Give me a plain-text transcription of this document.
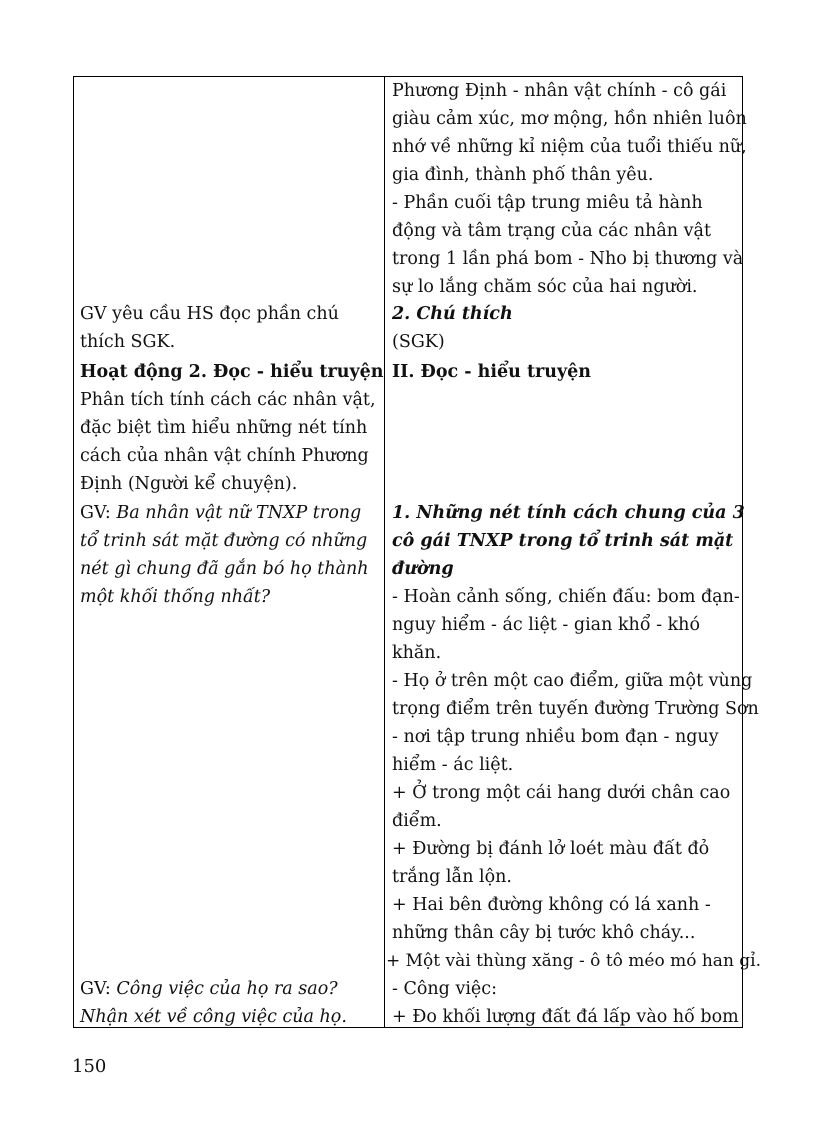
GV yêu cầu HS đọc phần chú
thích SGK.
Hoạt động 2. Đọc - hiểu truyện
Phân tích tính cách các nhân vật,
đặc biệt tìm hiểu những nét tính
cách của nhân vật chính Phương
Định (Người kể chuyện).
GV: Ba nhân vật nữ TNXP trong
tổ trinh sát mặt đường có những
nét gì chung đã gắn bó họ thành
một khối thống nhất?
GV: Công việc của họ ra sao?
Nhận xét về công việc của họ.
Phương Định - nhân vật chính - cô gái
giàu cảm xúc, mơ mộng, hồn nhiên luôn
nhớ về những kỉ niệm của tuổi thiếu nữ,
gia đình, thành phố thân yêu.
- Phần cuối tập trung miêu tả hành
động và tâm trạng của các nhân vật
trong 1 lần phá bom - Nho bị thương và
sự lo lắng chăm sóc của hai người.
2. Chú thích
(SGK)
II. Đọc - hiểu truyện
1. Những nét tính cách chung của 3
cô gái TNXP trong tổ trinh sát mặt
đường
- Hoàn cảnh sống, chiến đấu: bom đạn-
nguy hiểm - ác liệt - gian khổ - khó
khăn.
- Họ ở trên một cao điểm, giữa một vùng
trọng điểm trên tuyến đường Trường Sơn
- nơi tập trung nhiều bom đạn - nguy
hiểm - ác liệt.
+ Ở trong một cái hang dưới chân cao
điểm.
+ Đường bị đánh lở loét màu đất đỏ
trắng lẫn lộn.
+ Hai bên đường không có lá xanh -
những thân cây bị tước khô cháy...
+ Một vài thùng xăng - ô tô méo mó han gỉ.
- Công việc:
+ Đo khối lượng đất đá lấp vào hố bom
150
